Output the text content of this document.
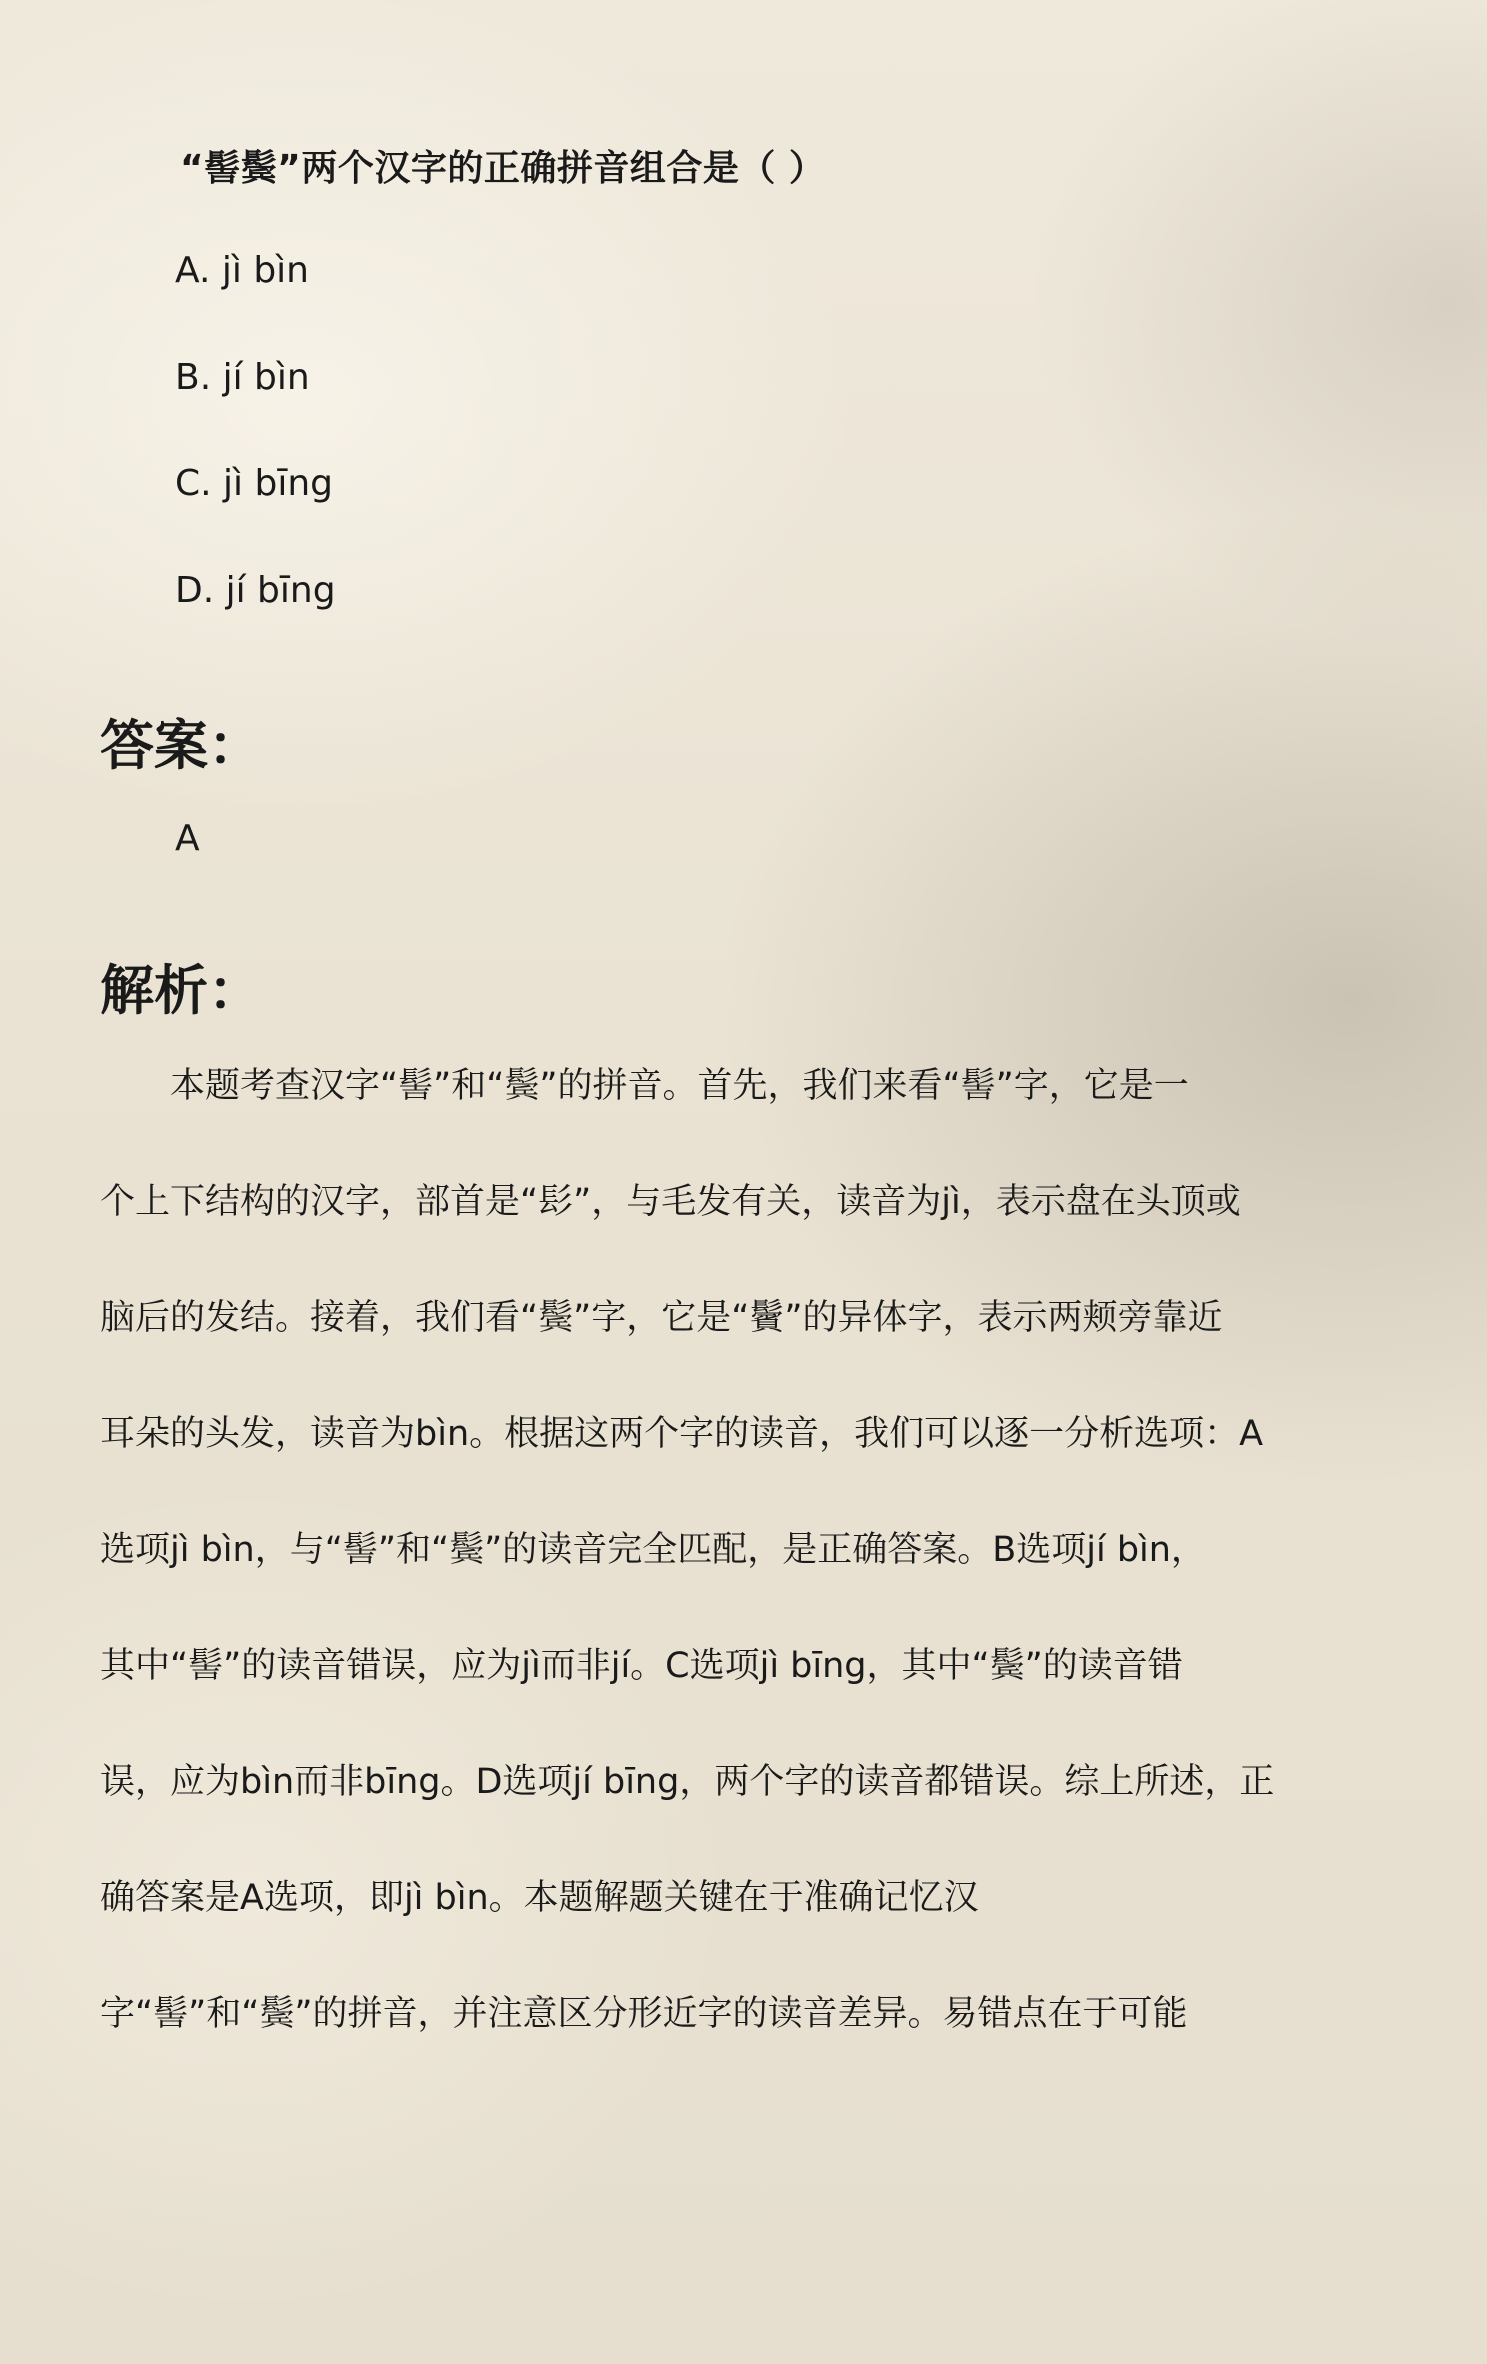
“髻鬓”两个汉字的正确拼音组合是（ ）
A. jì bìn
B. jí bìn
C. jì bīng
D. jí bīng
答案：
A
解析：
　　本题考查汉字“髻”和“鬓”的拼音。首先，我们来看“髻”字，它是一
个上下结构的汉字，部首是“髟”，与毛发有关，读音为jì，表示盘在头顶或
脑后的发结。接着，我们看“鬓”字，它是“鬢”的异体字，表示两颊旁靠近
耳朵的头发，读音为bìn。根据这两个字的读音，我们可以逐一分析选项：A
选项jì bìn，与“髻”和“鬓”的读音完全匹配，是正确答案。B选项jí bìn，
其中“髻”的读音错误，应为jì而非jí。C选项jì bīng，其中“鬓”的读音错
误，应为bìn而非bīng。D选项jí bīng，两个字的读音都错误。综上所述，正
确答案是A选项，即jì bìn。本题解题关键在于准确记忆汉
字“髻”和“鬓”的拼音，并注意区分形近字的读音差异。易错点在于可能
